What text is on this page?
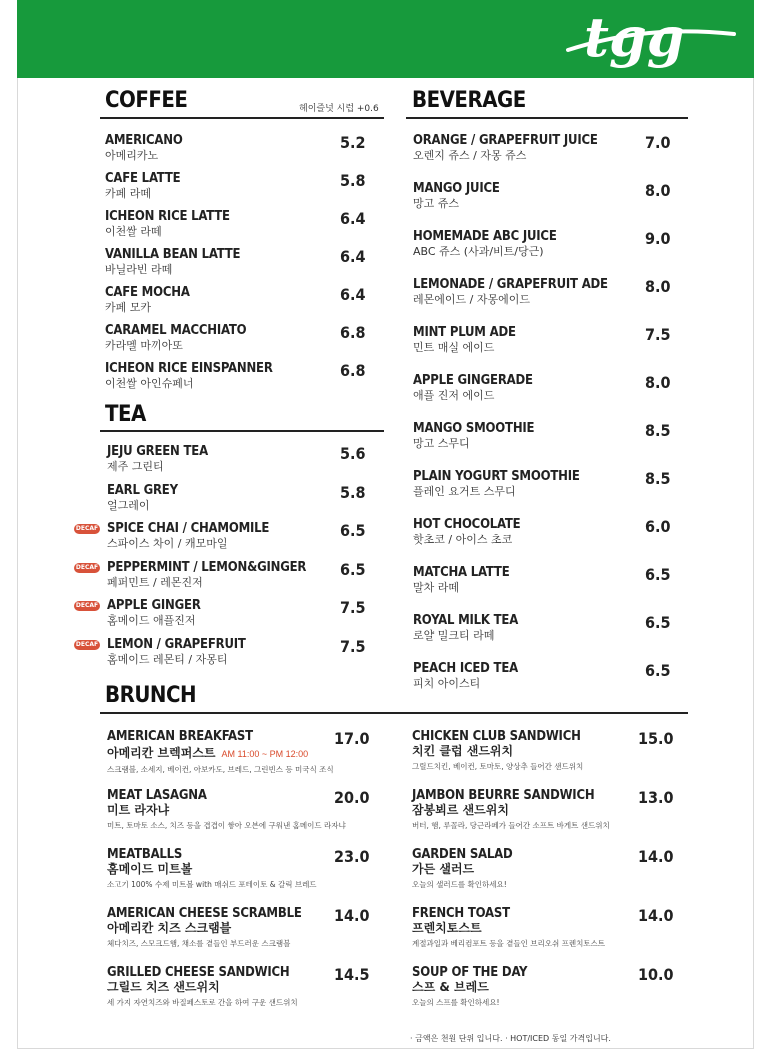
tgg
COFFEE	헤이즐넛 시럽 +0.6
AMERICANO
아메리카노
5.2
CAFE LATTE
카페 라떼
5.8
ICHEON RICE LATTE
이천쌀 라떼
6.4
VANILLA BEAN LATTE
바닐라빈 라떼
6.4
CAFE MOCHA
카페 모카
6.4
CARAMEL MACCHIATO
카라멜 마끼아또
6.8
ICHEON RICE EINSPANNER
이천쌀 아인슈페너
6.8
TEA
JEJU GREEN TEA
제주 그린티
5.6
EARL GREY
얼그레이
5.8
SPICE CHAI / CHAMOMILE
스파이스 차이 / 캐모마일
6.5
DECAF
PEPPERMINT / LEMON&GINGER
페퍼민트 / 레몬진저
6.5
DECAF
APPLE GINGER
홈메이드 애플진저
7.5
DECAF
LEMON / GRAPEFRUIT
홈메이드 레몬티 / 자몽티
7.5
DECAF
BEVERAGE
ORANGE / GRAPEFRUIT JUICE
오렌지 쥬스 / 자몽 쥬스
7.0
MANGO JUICE
망고 쥬스
8.0
HOMEMADE ABC JUICE
ABC 쥬스 (사과/비트/당근)
9.0
LEMONADE / GRAPEFRUIT ADE
레몬에이드 / 자몽에이드
8.0
MINT PLUM ADE
민트 매실 에이드
7.5
APPLE GINGERADE
애플 진저 에이드
8.0
MANGO SMOOTHIE
망고 스무디
8.5
PLAIN YOGURT SMOOTHIE
플레인 요거트 스무디
8.5
HOT CHOCOLATE
핫초코 / 아이스 초코
6.0
MATCHA LATTE
말차 라떼
6.5
ROYAL MILK TEA
로얄 밀크티 라떼
6.5
PEACH ICED TEA
피치 아이스티
6.5
BRUNCH
AMERICAN BREAKFAST
아메리칸 브렉퍼스트 AM 11:00 ~ PM 12:00
스크램블, 소세지, 베이컨, 아보카도, 브레드, 그린빈스 등 미국식 조식
17.0
MEAT LASAGNA
미트 라자냐
미트, 토마토 소스, 치즈 등을 겹겹이 쌓아 오븐에 구워낸 홈메이드 라자냐
20.0
MEATBALLS
홈메이드 미트볼
소고기 100% 수제 미트볼 with 매쉬드 포테이토 & 갈릭 브레드
23.0
AMERICAN CHEESE SCRAMBLE
아메리칸 치즈 스크램블
체다치즈, 스모크드햄, 채소를 곁들인 부드러운 스크램블
14.0
GRILLED CHEESE SANDWICH
그릴드 치즈 샌드위치
세 가지 자연치즈와 바질페스토로 간을 하여 구운 샌드위치
14.5
CHICKEN CLUB SANDWICH
치킨 클럽 샌드위치
그릴드치킨, 베이컨, 토마토, 양상추 들어간 샌드위치
15.0
JAMBON BEURRE SANDWICH
잠봉뵈르 샌드위치
버터, 햄, 루꼴라, 당근라페가 들어간 소프트 바게트 샌드위치
13.0
GARDEN SALAD
가든 샐러드
오늘의 샐러드를 확인하세요!
14.0
FRENCH TOAST
프렌치토스트
계절과일과 베리컴포트 등을 곁들인 브리오쉬 프렌치토스트
14.0
SOUP OF THE DAY
스프 & 브레드
오늘의 스프를 확인하세요!
10.0
· 금액은 천원 단위 입니다. · HOT/ICED 동일 가격입니다.
